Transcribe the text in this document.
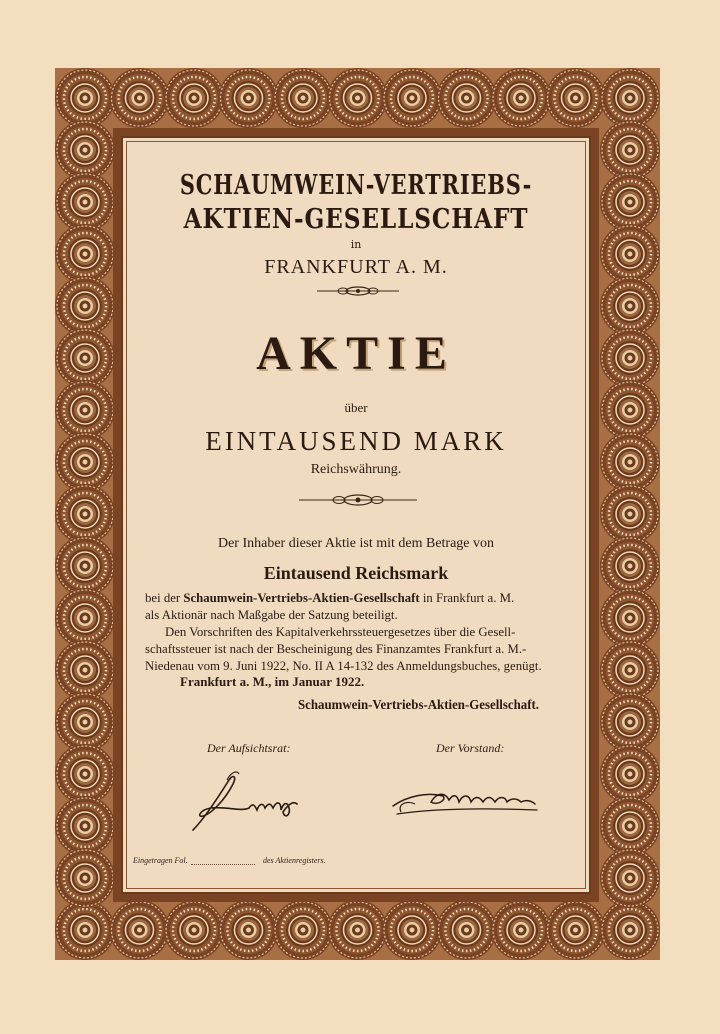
SCHAUMWEIN-VERTRIEBS-
AKTIEN-GESELLSCHAFT
in
FRANKFURT A. M.
AKTIE
über
EINTAUSEND MARK
Reichswährung.
Der Inhaber dieser Aktie ist mit dem Betrage von
Eintausend Reichsmark

bei der Schaumwein-Vertriebs-Aktien-Gesellschaft in Frankfurt a. M.

als Aktionär nach Maßgabe der Satzung beteiligt.

Den Vorschriften des Kapitalverkehrssteuergesetzes über die Gesell-

schaftssteuer ist nach der Bescheinigung des Finanzamtes Frankfurt a. M.-

Niedenau vom 9. Juni 1922, No. II A 14-132 des Anmeldungsbuches, genügt.

Frankfurt a. M., im Januar 1922.
Schaumwein-Vertriebs-Aktien-Gesellschaft.
Der Aufsichtsrat:	Der Vorstand:
Eingetragen Fol.	des Aktienregisters.
